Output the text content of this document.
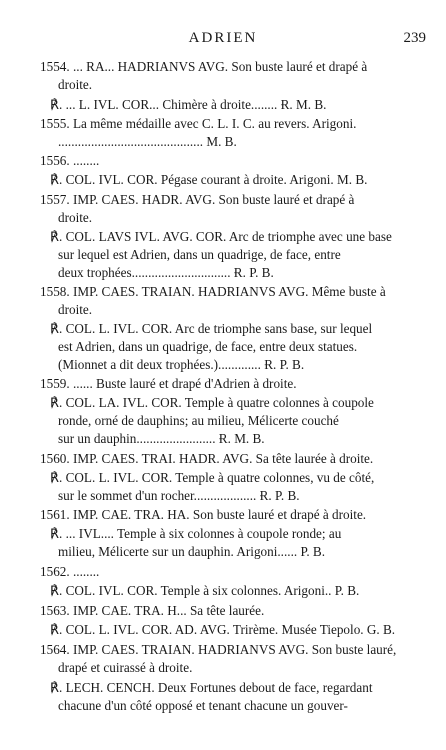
ADRIEN	239
1554. ... RA... HADRIANVS AVG. Son buste lauré et drapé à
droite.
℟. ... L. IVL. COR... Chimère à droite........ Ɍ. M. B.
1555. La même médaille avec C. L. I. C. au revers. Arigoni.
............................................ M. B.
1556. ........
℟. COL. IVL. COR. Pégase courant à droite. Arigoni. M. B.
1557. IMP. CAES. HADR. AVG. Son buste lauré et drapé à
droite.
℟. COL. LAVS IVL. AVG. COR. Arc de triomphe avec une base
sur lequel est Adrien, dans un quadrige, de face, entre
deux trophées.............................. Ɍ. P. B.
1558. IMP. CAES. TRAIAN. HADRIANVS AVG. Même buste à
droite.
℟. COL. L. IVL. COR. Arc de triomphe sans base, sur lequel
est Adrien, dans un quadrige, de face, entre deux statues.
(Mionnet a dit deux trophées.)............. Ɍ. P. B.
1559. ...... Buste lauré et drapé d'Adrien à droite.
℟. COL. LA. IVL. COR. Temple à quatre colonnes à coupole
ronde, orné de dauphins; au milieu, Mélicerte couché
sur un dauphin........................ Ɍ. M. B.
1560. IMP. CAES. TRAI. HADR. AVG. Sa tête laurée à droite.
℟. COL. L. IVL. COR. Temple à quatre colonnes, vu de côté,
sur le sommet d'un rocher................... Ɍ. P. B.
1561. IMP. CAE. TRA. HA. Son buste lauré et drapé à droite.
℟. ... IVL.... Temple à six colonnes à coupole ronde; au
milieu, Mélicerte sur un dauphin. Arigoni...... P. B.
1562. ........
℟. COL. IVL. COR. Temple à six colonnes. Arigoni.. P. B.
1563. IMP. CAE. TRA. H... Sa tête laurée.
℟. COL. L. IVL. COR. AD. AVG. Trirème. Musée Tiepolo. G. B.
1564. IMP. CAES. TRAIAN. HADRIANVS AVG. Son buste lauré,
drapé et cuirassé à droite.
℟. LECH. CENCH. Deux Fortunes debout de face, regardant
chacune d'un côté opposé et tenant chacune un gouver-
